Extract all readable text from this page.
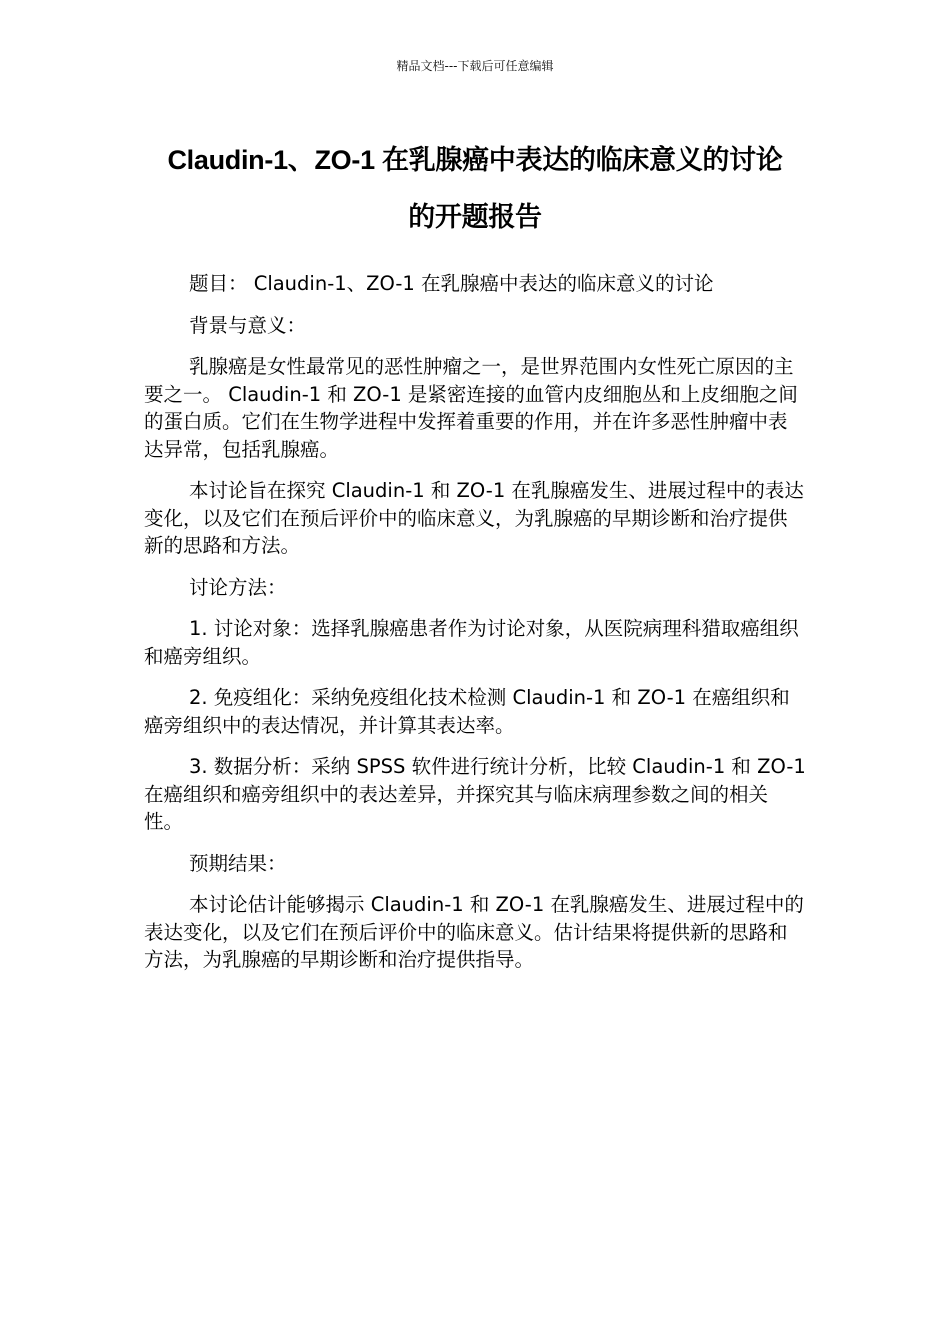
精品文档---下载后可任意编辑
Claudin-1、ZO-1 在乳腺癌中表达的临床意义的讨论
的开题报告

题目： Claudin-1、ZO-1 在乳腺癌中表达的临床意义的讨论

背景与意义：

乳腺癌是女性最常见的恶性肿瘤之一，是世界范围内女性死亡原因的主要之一。 Claudin-1 和 ZO-1 是紧密连接的血管内皮细胞丛和上皮细胞之间的蛋白质。它们在生物学进程中发挥着重要的作用，并在许多恶性肿瘤中表达异常，包括乳腺癌。

本讨论旨在探究 Claudin-1 和 ZO-1 在乳腺癌发生、进展过程中的表达变化，以及它们在预后评价中的临床意义，为乳腺癌的早期诊断和治疗提供新的思路和方法。

讨论方法：

1. 讨论对象：选择乳腺癌患者作为讨论对象，从医院病理科猎取癌组织和癌旁组织。

2. 免疫组化：采纳免疫组化技术检测 Claudin-1 和 ZO-1 在癌组织和癌旁组织中的表达情况，并计算其表达率。

3. 数据分析：采纳 SPSS 软件进行统计分析，比较 Claudin-1 和 ZO-1 在癌组织和癌旁组织中的表达差异，并探究其与临床病理参数之间的相关性。

预期结果：

本讨论估计能够揭示 Claudin-1 和 ZO-1 在乳腺癌发生、进展过程中的表达变化，以及它们在预后评价中的临床意义。估计结果将提供新的思路和方法，为乳腺癌的早期诊断和治疗提供指导。
